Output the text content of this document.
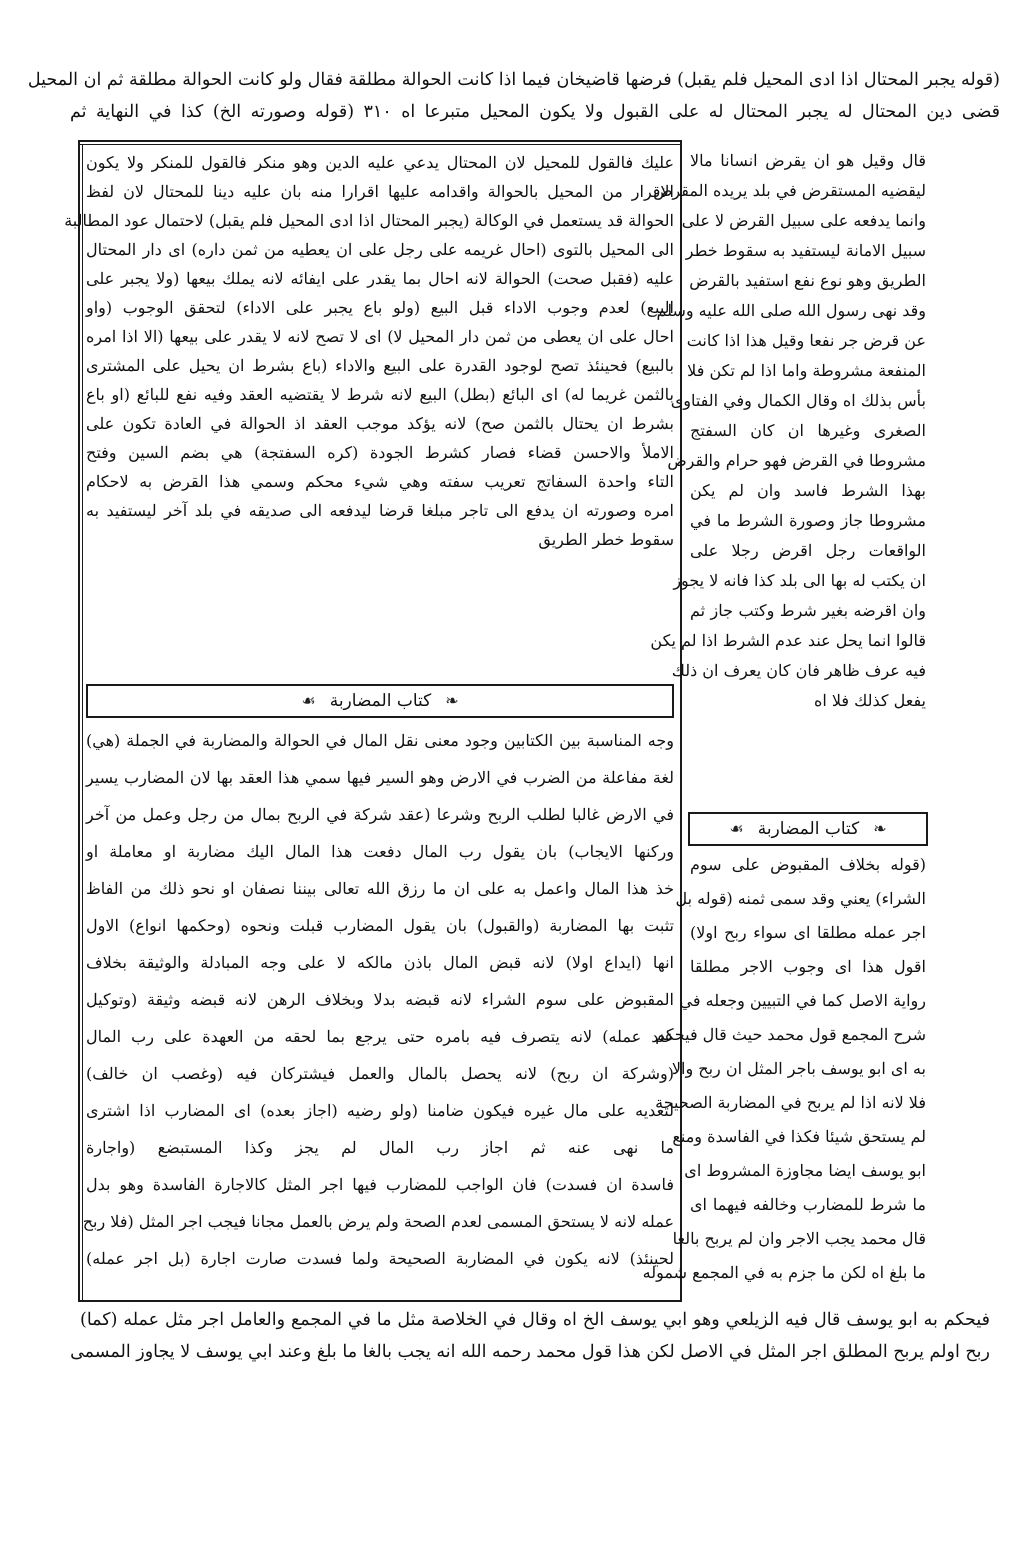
(قوله يجبر المحتال اذا ادى المحيل فلم يقبل) فرضها قاضيخان فيما اذا كانت الحوالة مطلقة فقال ولو كانت الحوالة مطلقة ثم ان المحيل
قضى دين المحتال له يجبر المحتال له على القبول ولا يكون المحيل متبرعا اه ٣١٠ (قوله وصورته الخ) كذا في النهاية ثم
عليك فالقول للمحيل لان المحتال يدعي عليه الدين وهو منكر فالقول للمنكر ولا يكون
الاقرار من المحيل بالحوالة واقدامه عليها اقرارا منه بان عليه دينا للمحتال لان لفظ
الحوالة قد يستعمل في الوكالة (يجبر المحتال اذا ادى المحيل فلم يقبل) لاحتمال عود المطالبة
الى المحيل بالتوى (احال غريمه على رجل على ان يعطيه من ثمن داره) اى دار المحتال
عليه (فقبل صحت) الحوالة لانه احال بما يقدر على ايفائه لانه يملك بيعها (ولا يجبر على
البيع) لعدم وجوب الاداء قبل البيع (ولو باع يجبر على الاداء) لتحقق الوجوب (واو
احال على ان يعطى من ثمن دار المحيل لا) اى لا تصح لانه لا يقدر على بيعها (الا اذا امره
بالبيع) فحينئذ تصح لوجود القدرة على البيع والاداء (باع بشرط ان يحيل على المشترى
بالثمن غريما له) اى البائع (بطل) البيع لانه شرط لا يقتضيه العقد وفيه نفع للبائع (او باع
بشرط ان يحتال بالثمن صح) لانه يؤكد موجب العقد اذ الحوالة في العادة تكون على
الاملأ والاحسن قضاء فصار كشرط الجودة (كره السفتجة) هي بضم السين وفتح
التاء واحدة السفاتج تعريب سفته وهي شيء محكم وسمي هذا القرض به لاحكام
امره وصورته ان يدفع الى تاجر مبلغا قرضا ليدفعه الى صديقه في بلد آخر ليستفيد به
سقوط خطر الطريق
☙ كتاب المضاربة ❧
وجه المناسبة بين الكتابين وجود معنى نقل المال في الحوالة والمضاربة في الجملة (هي)
لغة مفاعلة من الضرب في الارض وهو السير فيها سمي هذا العقد بها لان المضارب يسير
في الارض غالبا لطلب الربح وشرعا (عقد شركة في الربح بمال من رجل وعمل من آخر
وركنها الايجاب) بان يقول رب المال دفعت هذا المال اليك مضاربة او معاملة او
خذ هذا المال واعمل به على ان ما رزق الله تعالى بيننا نصفان او نحو ذلك من الفاظ
تثبت بها المضاربة (والقبول) بان يقول المضارب قبلت ونحوه (وحكمها انواع) الاول
انها (ايداع اولا) لانه قبض المال باذن مالكه لا على وجه المبادلة والوثيقة بخلاف
المقبوض على سوم الشراء لانه قبضه بدلا وبخلاف الرهن لانه قبضه وثيقة (وتوكيل
عند عمله) لانه يتصرف فيه بامره حتى يرجع بما لحقه من العهدة على رب المال
(وشركة ان ربح) لانه يحصل بالمال والعمل فيشتركان فيه (وغصب ان خالف)
لتعديه على مال غيره فيكون ضامنا (ولو رضيه (اجاز بعده) اى المضارب اذا اشترى
ما نهى عنه ثم اجاز رب المال لم يجز وكذا المستبضع (واجارة
فاسدة ان فسدت) فان الواجب للمضارب فيها اجر المثل كالاجارة الفاسدة وهو بدل
عمله لانه لا يستحق المسمى لعدم الصحة ولم يرض بالعمل مجانا فيجب اجر المثل (فلا ربح
لحينئذ) لانه يكون في المضاربة الصحيحة ولما فسدت صارت اجارة (بل اجر عمله)
قال وقيل هو ان يقرض انسانا مالا
ليقضيه المستقرض في بلد يريده المقرض
وانما يدفعه على سبيل القرض لا على
سبيل الامانة ليستفيد به سقوط خطر
الطريق وهو نوع نفع استفيد بالقرض
وقد نهى رسول الله صلى الله عليه وسلم
عن قرض جر نفعا وقيل هذا اذا كانت
المنفعة مشروطة واما اذا لم تكن فلا
بأس بذلك اه وقال الكمال وفي الفتاوى
الصغرى وغيرها ان كان السفتج
مشروطا في القرض فهو حرام والقرض
بهذا الشرط فاسد وان لم يكن
مشروطا جاز وصورة الشرط ما في
الواقعات رجل اقرض رجلا على
ان يكتب له بها الى بلد كذا فانه لا يجوز
وان اقرضه بغير شرط وكتب جاز ثم
قالوا انما يحل عند عدم الشرط اذا لم يكن
فيه عرف ظاهر فان كان يعرف ان ذلك
يفعل كذلك فلا اه
☙ كتاب المضاربة ❧
(قوله بخلاف المقبوض على سوم
الشراء) يعني وقد سمى ثمنه (قوله بل
اجر عمله مطلقا اى سواء ربح اولا)
اقول هذا اى وجوب الاجر مطلقا
رواية الاصل كما في التبيين وجعله في
شرح المجمع قول محمد حيث قال فيحكم
به اى ابو يوسف باجر المثل ان ربح والا
فلا لانه اذا لم يربح في المضاربة الصحيحة
لم يستحق شيئا فكذا في الفاسدة ومنع
ابو يوسف ايضا مجاوزة المشروط اى
ما شرط للمضارب وخالفه فيهما اى
قال محمد يجب الاجر وان لم يربح بالغا
ما بلغ اه لكن ما جزم به في المجمع شموله
فيحكم به ابو يوسف قال فيه الزيلعي وهو ابي يوسف الخ اه وقال في الخلاصة مثل ما في المجمع والعامل اجر مثل عمله (كما)
ربح اولم يربح المطلق اجر المثل في الاصل لكن هذا قول محمد رحمه الله انه يجب بالغا ما بلغ وعند ابي يوسف لا يجاوز المسمى
